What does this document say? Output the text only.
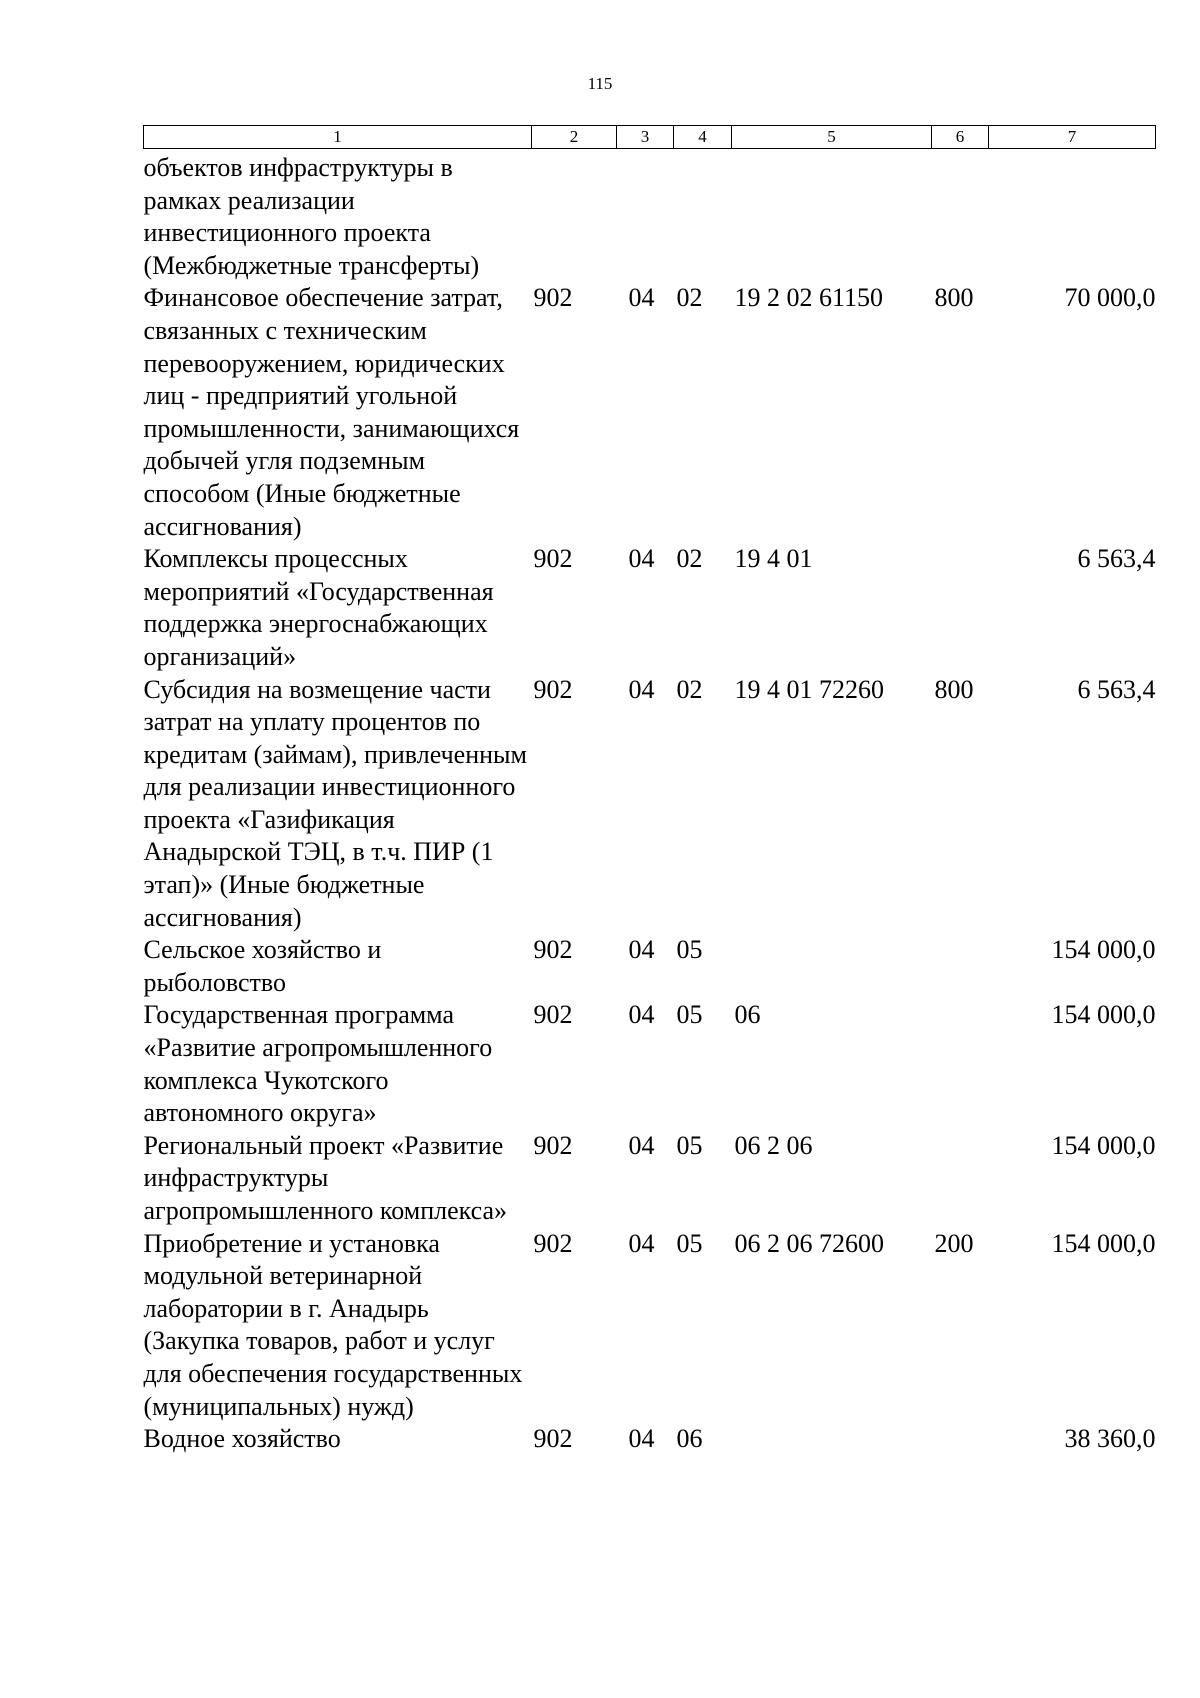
115
1	2	3	4	5	6	7
объектов инфраструктуры в рамках реализации инвестиционного проекта (Межбюджетные трансферты)						
Финансовое обеспечение затрат, связанных с техническим перевооружением, юридических лиц - предприятий угольной промышленности, занимающихся добычей угля подземным способом (Иные бюджетные ассигнования)	902	04	02	19 2 02 61150	800	70 000,0
Комплексы процессных мероприятий «Государственная поддержка энергоснабжающих организаций»	902	04	02	19 4 01		6 563,4
Субсидия на возмещение части затрат на уплату процентов по кредитам (займам), привлеченным для реализации инвестиционного проекта «Газификация Анадырской ТЭЦ, в т.ч. ПИР (1 этап)» (Иные бюджетные ассигнования)	902	04	02	19 4 01 72260	800	6 563,4
Сельское хозяйство и рыболовство	902	04	05			154 000,0
Государственная программа «Развитие агропромышленного комплекса Чукотского автономного округа»	902	04	05	06		154 000,0
Региональный проект «Развитие инфраструктуры агропромышленного комплекса»	902	04	05	06 2 06		154 000,0
Приобретение и установка модульной ветеринарной лаборатории в г. Анадырь (Закупка товаров, работ и услуг для обеспечения государственных (муниципальных) нужд)	902	04	05	06 2 06 72600	200	154 000,0
Водное хозяйство	902	04	06			38 360,0
